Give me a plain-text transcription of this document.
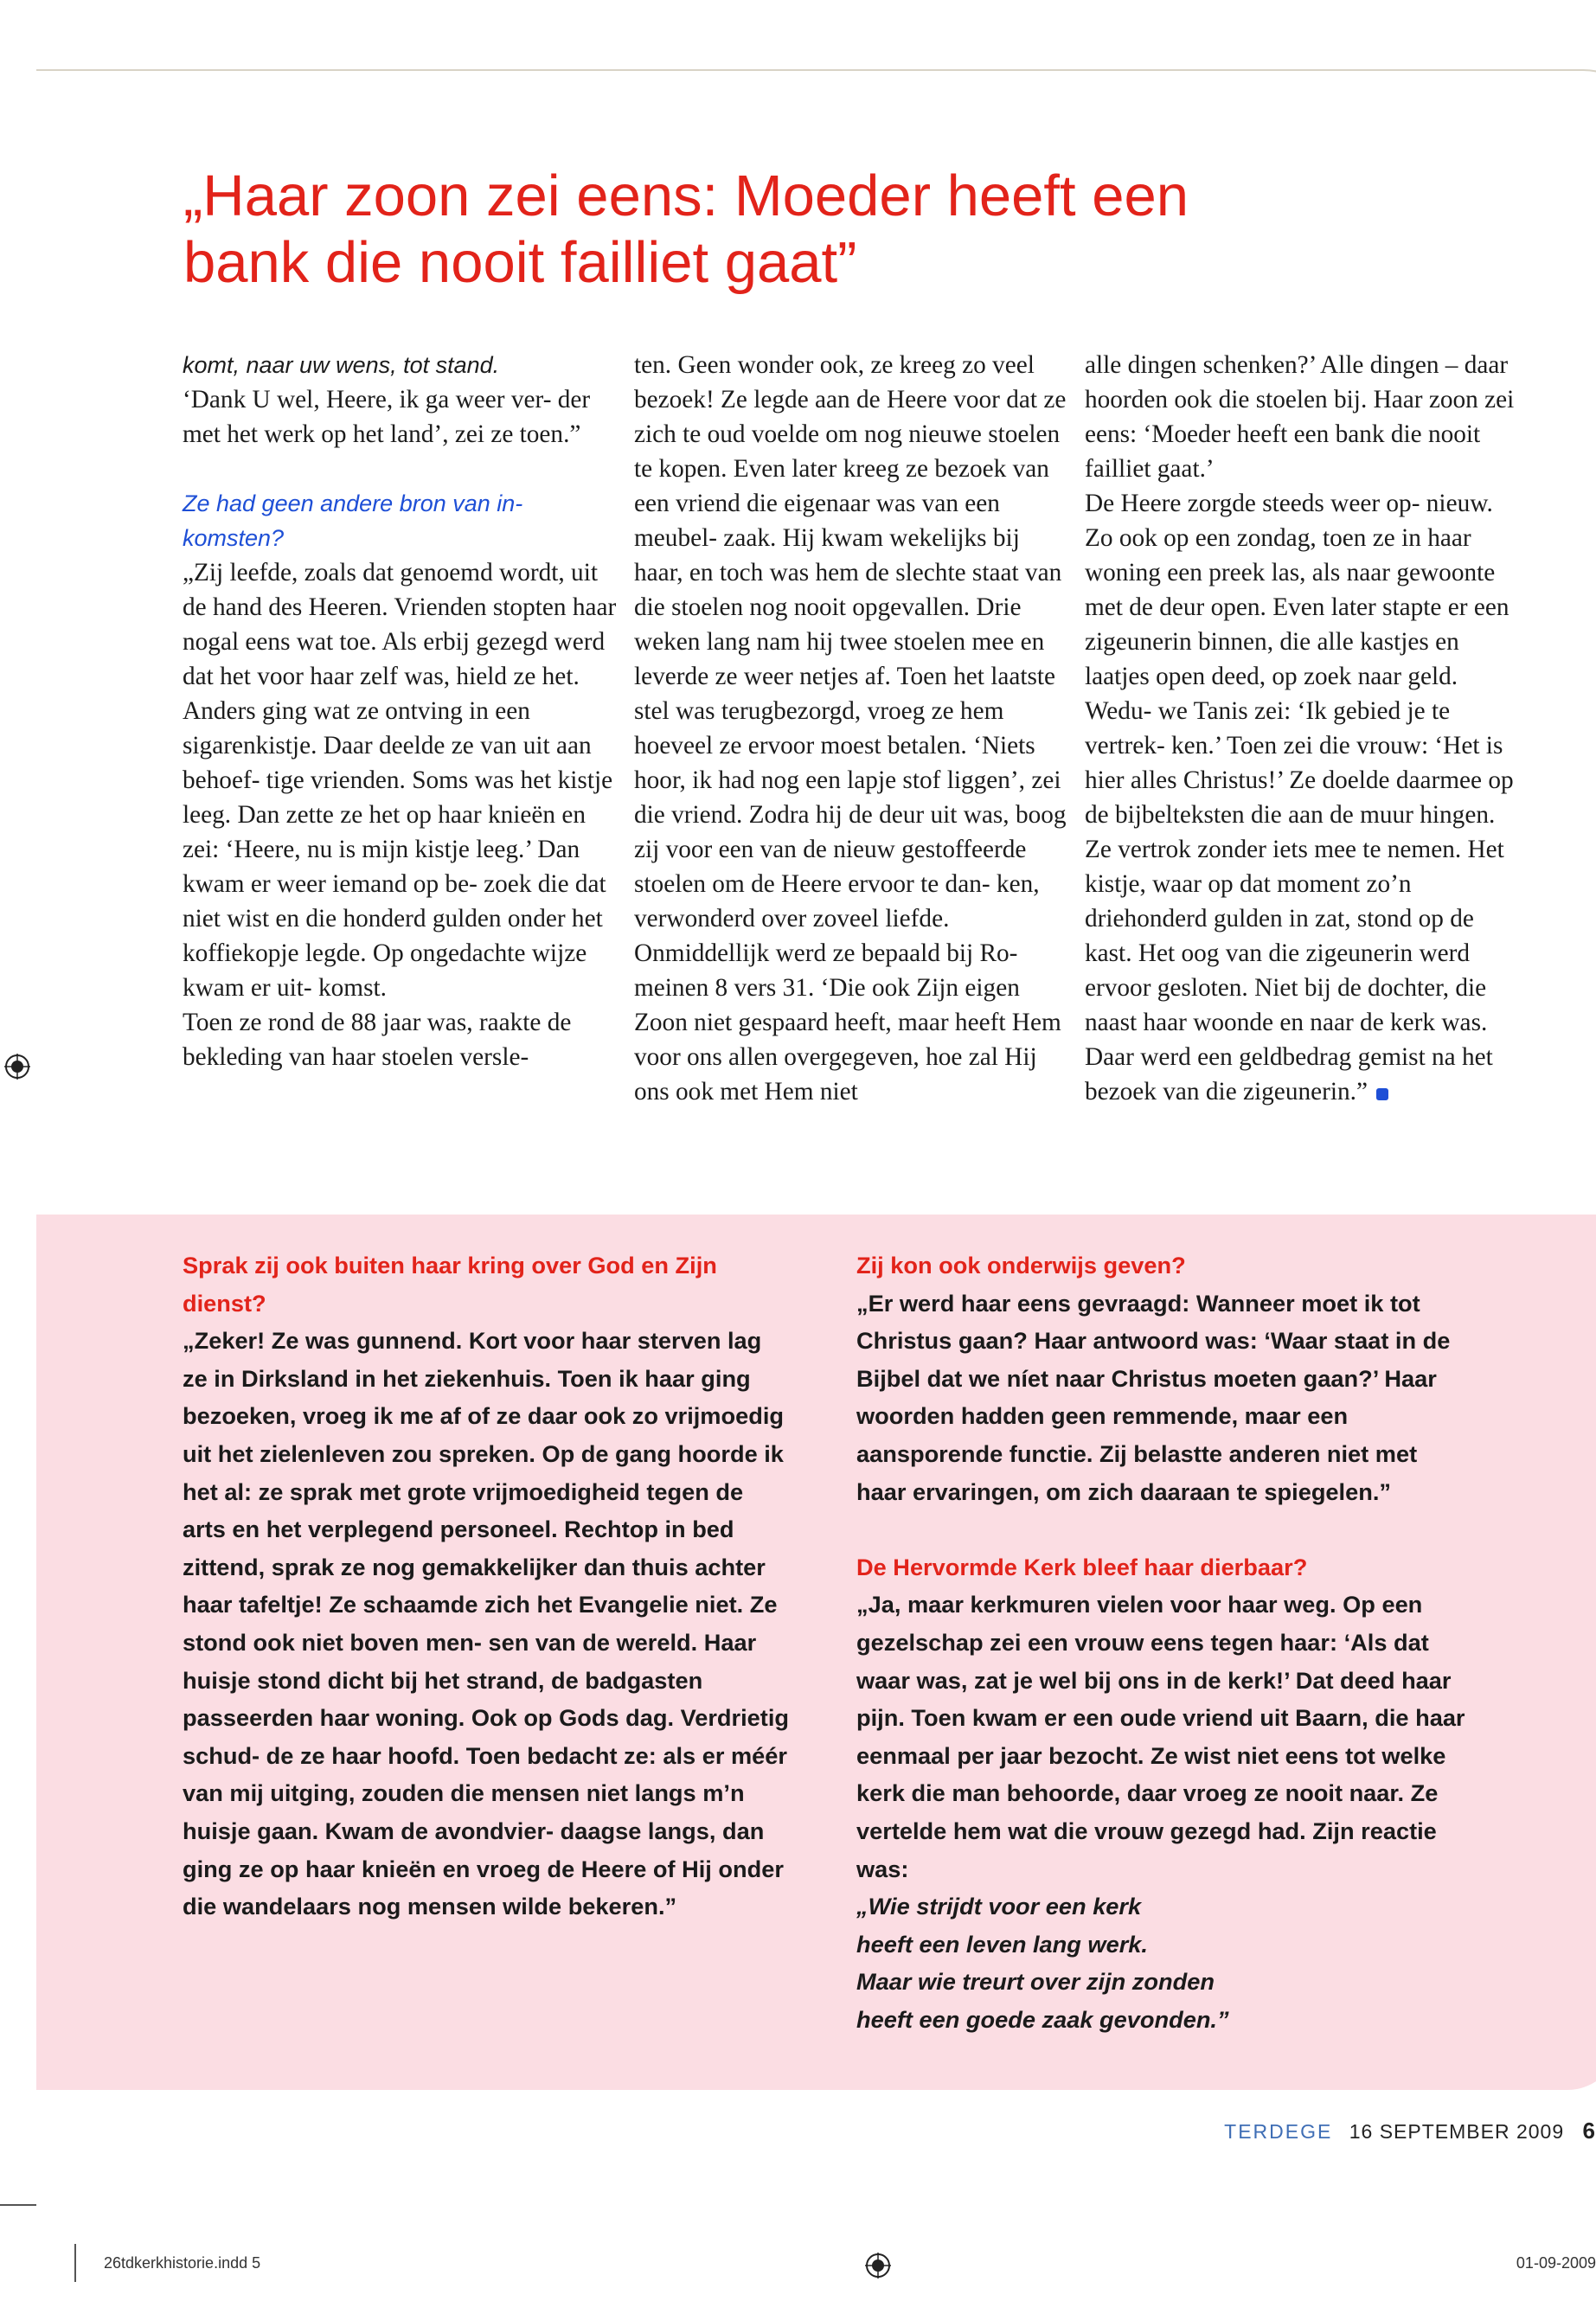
„Haar zoon zei eens: Moeder heeft een
bank die nooit failliet gaat”

komt, naar uw wens, tot stand.

‘Dank U wel, Heere, ik ga weer ver- der met het werk op het land’, zei ze toen.”

Ze had geen andere bron van in- komsten?

„Zij leefde, zoals dat genoemd wordt, uit de hand des Heeren. Vrienden stopten haar nogal eens wat toe. Als erbij gezegd werd dat het voor haar zelf was, hield ze het. Anders ging wat ze ontving in een sigarenkistje. Daar deelde ze van uit aan behoef- tige vrienden. Soms was het kistje leeg. Dan zette ze het op haar knieën en zei: ‘Heere, nu is mijn kistje leeg.’ Dan kwam er weer iemand op be- zoek die dat niet wist en die honderd gulden onder het koffiekopje legde. Op ongedachte wijze kwam er uit- komst.

Toen ze rond de 88 jaar was, raakte de bekleding van haar stoelen versle-

ten. Geen wonder ook, ze kreeg zo veel bezoek! Ze legde aan de Heere voor dat ze zich te oud voelde om nog nieuwe stoelen te kopen. Even later kreeg ze bezoek van een vriend die eigenaar was van een meubel- zaak. Hij kwam wekelijks bij haar, en toch was hem de slechte staat van die stoelen nog nooit opgevallen. Drie weken lang nam hij twee stoelen mee en leverde ze weer netjes af. Toen het laatste stel was terugbezorgd, vroeg ze hem hoeveel ze ervoor moest betalen. ‘Niets hoor, ik had nog een lapje stof liggen’, zei die vriend. Zodra hij de deur uit was, boog zij voor een van de nieuw gestoffeerde stoelen om de Heere ervoor te dan- ken, verwonderd over zoveel liefde. Onmiddellijk werd ze bepaald bij Ro- meinen 8 vers 31. ‘Die ook Zijn eigen Zoon niet gespaard heeft, maar heeft Hem voor ons allen overgegeven, hoe zal Hij ons ook met Hem niet

alle dingen schenken?’ Alle dingen – daar hoorden ook die stoelen bij. Haar zoon zei eens: ‘Moeder heeft een bank die nooit failliet gaat.’

De Heere zorgde steeds weer op- nieuw. Zo ook op een zondag, toen ze in haar woning een preek las, als naar gewoonte met de deur open. Even later stapte er een zigeunerin binnen, die alle kastjes en laatjes open deed, op zoek naar geld. Wedu- we Tanis zei: ‘Ik gebied je te vertrek- ken.’ Toen zei die vrouw: ‘Het is hier alles Christus!’ Ze doelde daarmee op de bijbelteksten die aan de muur hingen. Ze vertrok zonder iets mee te nemen. Het kistje, waar op dat moment zo’n driehonderd gulden in zat, stond op de kast. Het oog van die zigeunerin werd ervoor gesloten. Niet bij de dochter, die naast haar woonde en naar de kerk was. Daar werd een geldbedrag gemist na het bezoek van die zigeunerin.”

Sprak zij ook buiten haar kring over God en Zijn dienst?

„Zeker! Ze was gunnend. Kort voor haar sterven lag ze in Dirksland in het ziekenhuis. Toen ik haar ging bezoeken, vroeg ik me af of ze daar ook zo vrijmoedig uit het zielenleven zou spreken. Op de gang hoorde ik het al: ze sprak met grote vrijmoedigheid tegen de arts en het verplegend personeel. Rechtop in bed zittend, sprak ze nog gemakkelijker dan thuis achter haar tafeltje! Ze schaamde zich het Evangelie niet. Ze stond ook niet boven men- sen van de wereld. Haar huisje stond dicht bij het strand, de badgasten passeerden haar woning. Ook op Gods dag. Verdrietig schud- de ze haar hoofd. Toen bedacht ze: als er méér van mij uitging, zouden die mensen niet langs m’n huisje gaan. Kwam de avondvier- daagse langs, dan ging ze op haar knieën en vroeg de Heere of Hij onder die wandelaars nog mensen wilde bekeren.”

Zij kon ook onderwijs geven?

„Er werd haar eens gevraagd: Wanneer moet ik tot Christus gaan? Haar antwoord was: ‘Waar staat in de Bijbel dat we níet naar Christus moeten gaan?’ Haar woorden hadden geen remmende, maar een aansporende functie. Zij belastte anderen niet met haar ervaringen, om zich daaraan te spiegelen.”

De Hervormde Kerk bleef haar dierbaar?

„Ja, maar kerkmuren vielen voor haar weg. Op een gezelschap zei een vrouw eens tegen haar: ‘Als dat waar was, zat je wel bij ons in de kerk!’ Dat deed haar pijn. Toen kwam er een oude vriend uit Baarn, die haar eenmaal per jaar bezocht. Ze wist niet eens tot welke kerk die man behoorde, daar vroeg ze nooit naar. Ze vertelde hem wat die vrouw gezegd had. Zijn reactie was:

„Wie strijdt voor een kerk

heeft een leven lang werk.

Maar wie treurt over zijn zonden

heeft een goede zaak gevonden.”

TERDEGE 16 SEPTEMBER 2009 6
26tdkerkhistorie.indd 5	01-09-2009
